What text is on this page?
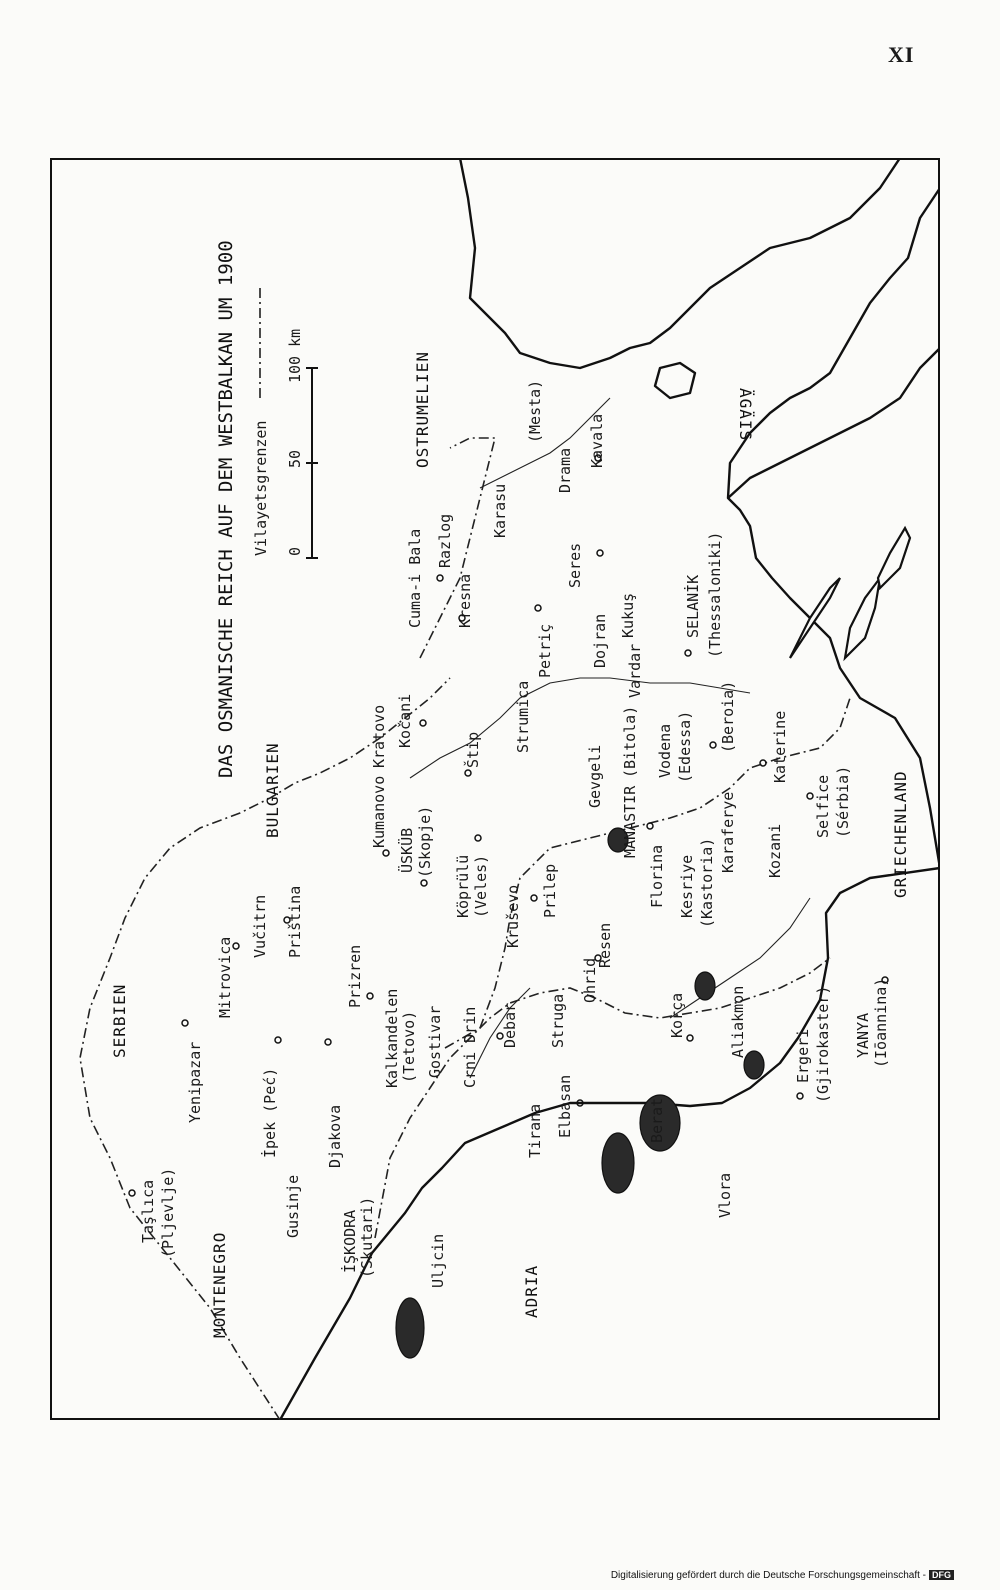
XI
DAS OSMANISCHE REICH AUF DEM WESTBALKAN UM 1900 Vilayetsgrenzen 0
50
100 km
SERBIEN
MONTENEGRO
BULGARIEN
OSTRUMELIEN
GRIECHENLAND
ADRIA
ÄGÄIS
Vardar
Crni Drin	Aliakmon
Karasu
(Mesta)
Taşlıca (Pljevlje)
Yenipazar
Mitrovica
Vučitrn Priština
İpek (Peć)
Gusinje
Djakova
İŞKODRA (Skutari)	Uljcin
Prizren
Kalkandelen (Tetovo) Gostivar
Kumanovo
Kratovo Kočani
ÜSKÜB (Skopje)
Štip
Köprülü (Veles) Kruševo Prilep
Debar Struga
Ohrid
Resen
Tirana Elbasan	Berat
Vlora
Korça
MANASTIR
(Bitola)
Florina Kesriye (Kastoria)
Vodena (Edessa)
Karaferye
(Beroia) Katerine
Kozani
Selfice (Sérbia)
Ergeri (Gjirokaster) YANYA (Iōannina)
Gevgeli
Strumica
Dojran Kukuş
Petriç
SELANİK (Thessaloniki)
Seres
Drama
Kavala
Kresna
Razlog
Cuma-i Bala
Digitalisierung gefördert durch die Deutsche Forschungsgemeinschaft - DFG
